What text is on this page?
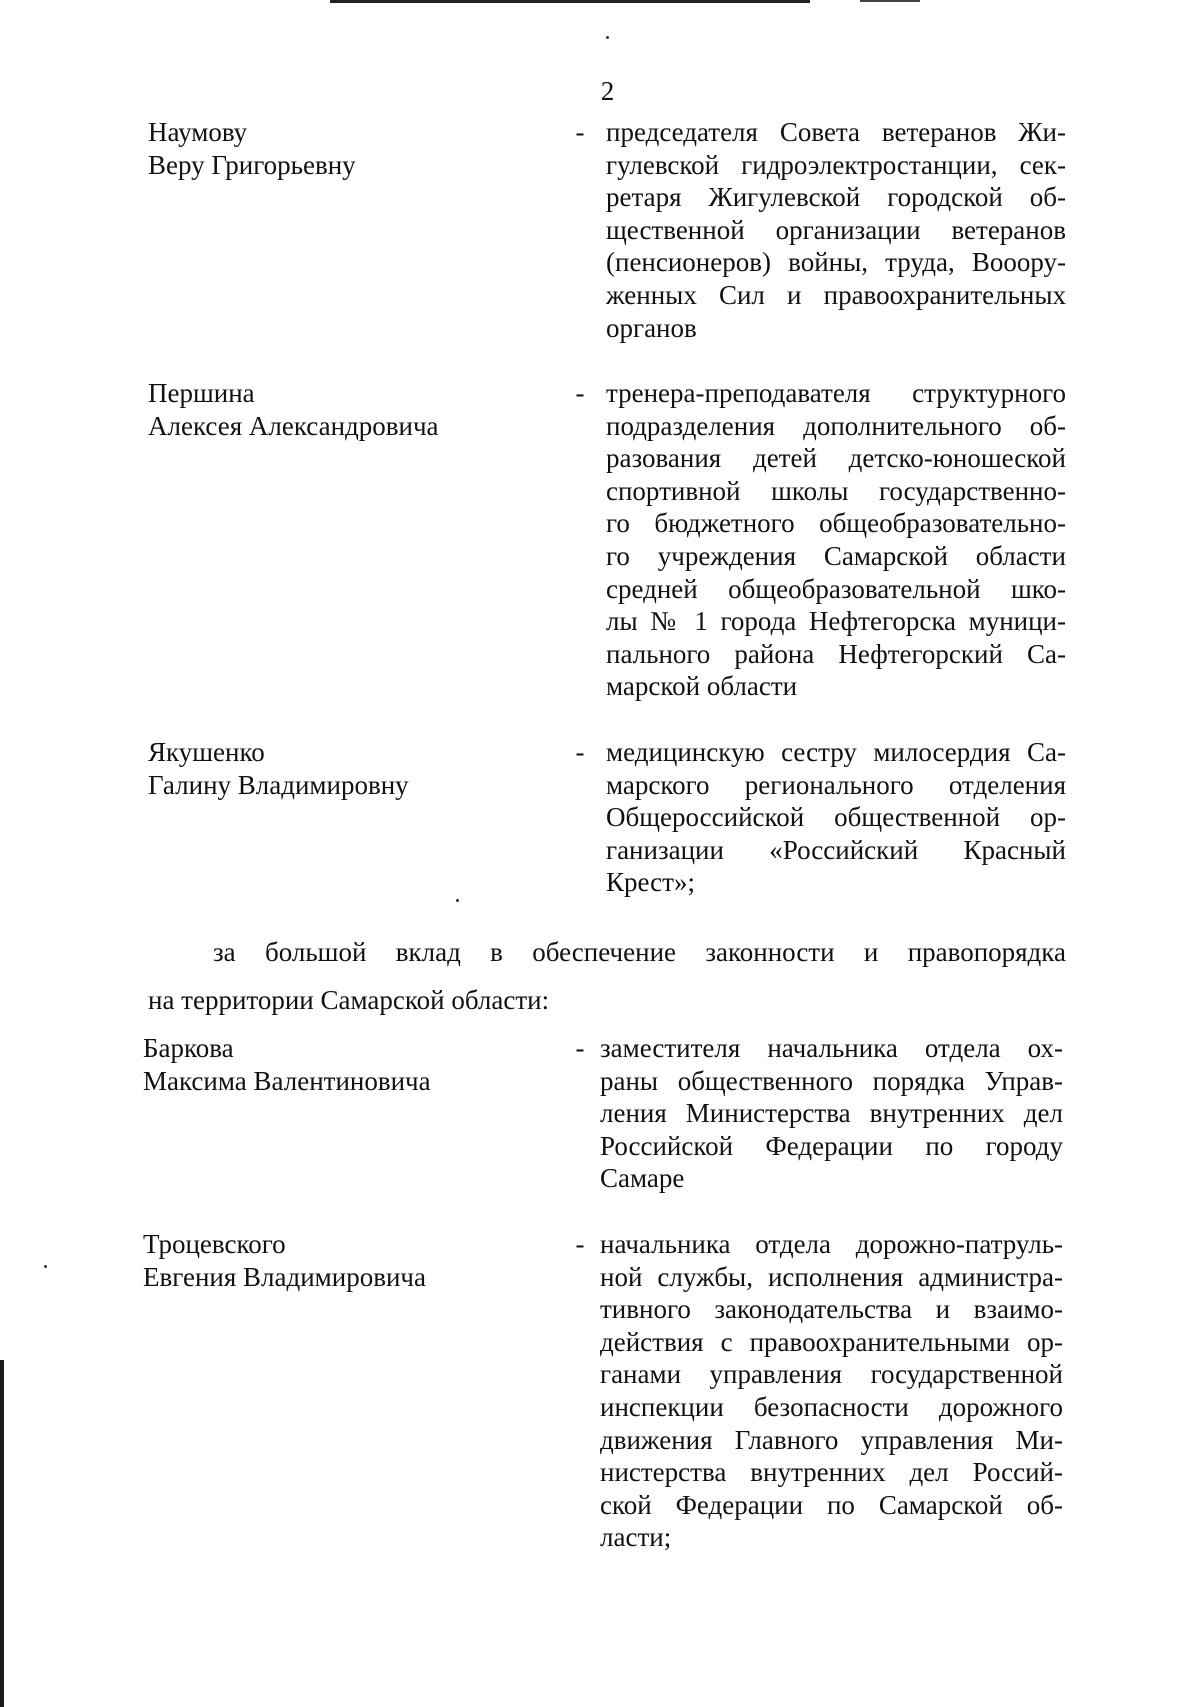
2
Наумову
Веру Григорьевну
- председателя Совета ветеранов Жи-
гулевской гидроэлектростанции, сек-
ретаря Жигулевской городской об-
щественной организации ветеранов
(пенсионеров) войны, труда, Вооору-
женных Сил и правоохранительных
органов
Першина
Алексея Александровича
- тренера-преподавателя структурного
подразделения дополнительного об-
разования детей детско-юношеской
спортивной школы государственно-
го бюджетного общеобразовательно-
го учреждения Самарской области
средней общеобразовательной шко-
лы № 1 города Нефтегорска муници-
пального района Нефтегорский Са-
марской области
Якушенко
Галину Владимировну
- медицинскую сестру милосердия Са-
марского регионального отделения
Общероссийской общественной ор-
ганизации «Российский Красный
Крест»;
за большой вклад в обеспечение законности и правопорядка
на территории Самарской области:
Баркова
Максима Валентиновича
- заместителя начальника отдела ох-
раны общественного порядка Управ-
ления Министерства внутренних дел
Российской Федерации по городу
Самаре
Троцевского
Евгения Владимировича
- начальника отдела дорожно-патруль-
ной службы, исполнения администра-
тивного законодательства и взаимо-
действия с правоохранительными ор-
ганами управления государственной
инспекции безопасности дорожного
движения Главного управления Ми-
нистерства внутренних дел Россий-
ской Федерации по Самарской об-
ласти;
